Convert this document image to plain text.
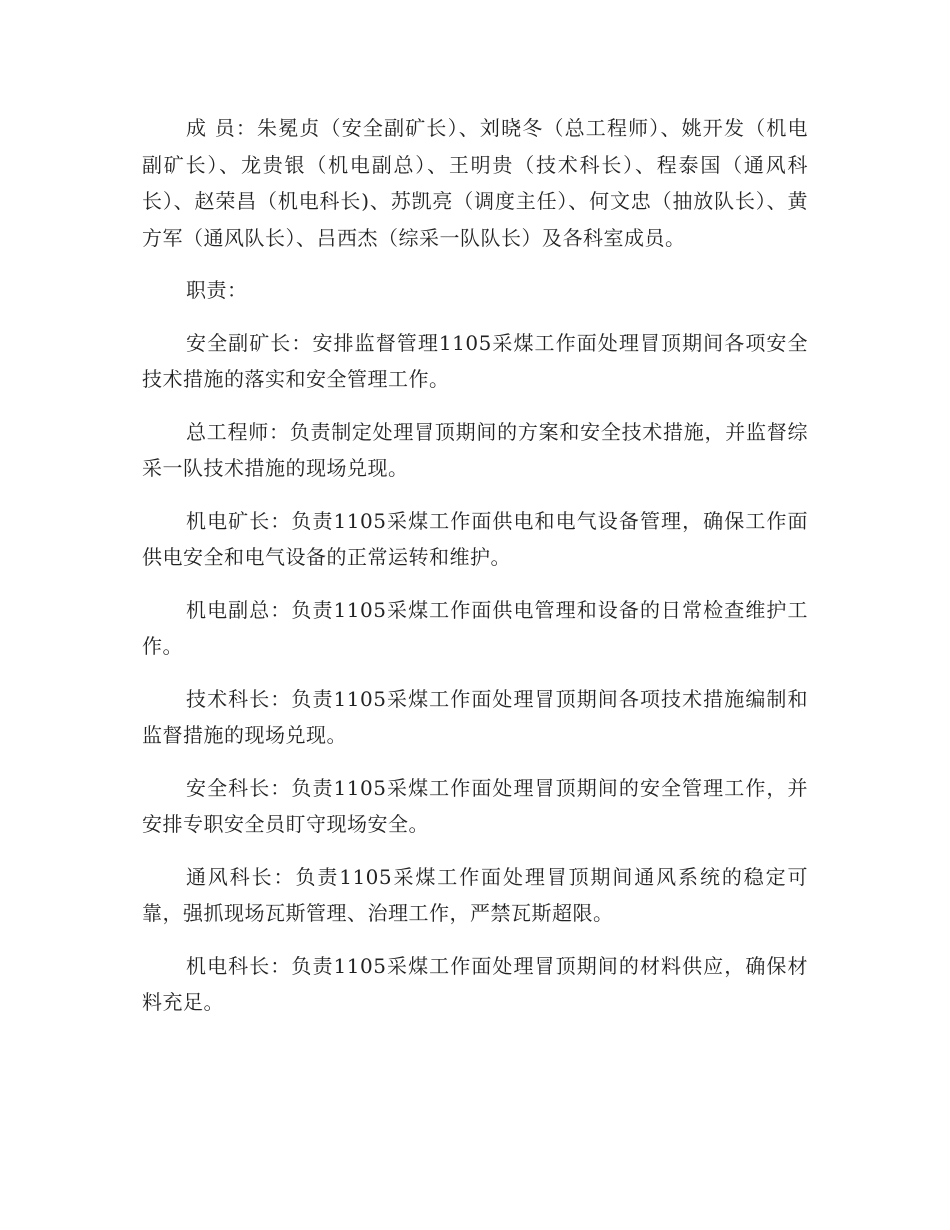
成 员：朱冕贞（安全副矿长）、刘晓冬（总工程师）、姚开发（机电副矿长）、龙贵银（机电副总）、王明贵（技术科长）、程泰国（通风科长）、赵荣昌（机电科长)、苏凯亮（调度主任）、何文忠（抽放队长）、黄方军（通风队长）、吕西杰（综采一队队长）及各科室成员。

职责：

安全副矿长：安排监督管理1105采煤工作面处理冒顶期间各项安全技术措施的落实和安全管理工作。

总工程师：负责制定处理冒顶期间的方案和安全技术措施，并监督综采一队技术措施的现场兑现。

机电矿长：负责1105采煤工作面供电和电气设备管理，确保工作面供电安全和电气设备的正常运转和维护。

机电副总：负责1105采煤工作面供电管理和设备的日常检查维护工作。

技术科长：负责1105采煤工作面处理冒顶期间各项技术措施编制和监督措施的现场兑现。

安全科长：负责1105采煤工作面处理冒顶期间的安全管理工作，并安排专职安全员盯守现场安全。

通风科长：负责1105采煤工作面处理冒顶期间通风系统的稳定可靠，强抓现场瓦斯管理、治理工作，严禁瓦斯超限。

机电科长：负责1105采煤工作面处理冒顶期间的材料供应，确保材料充足。
